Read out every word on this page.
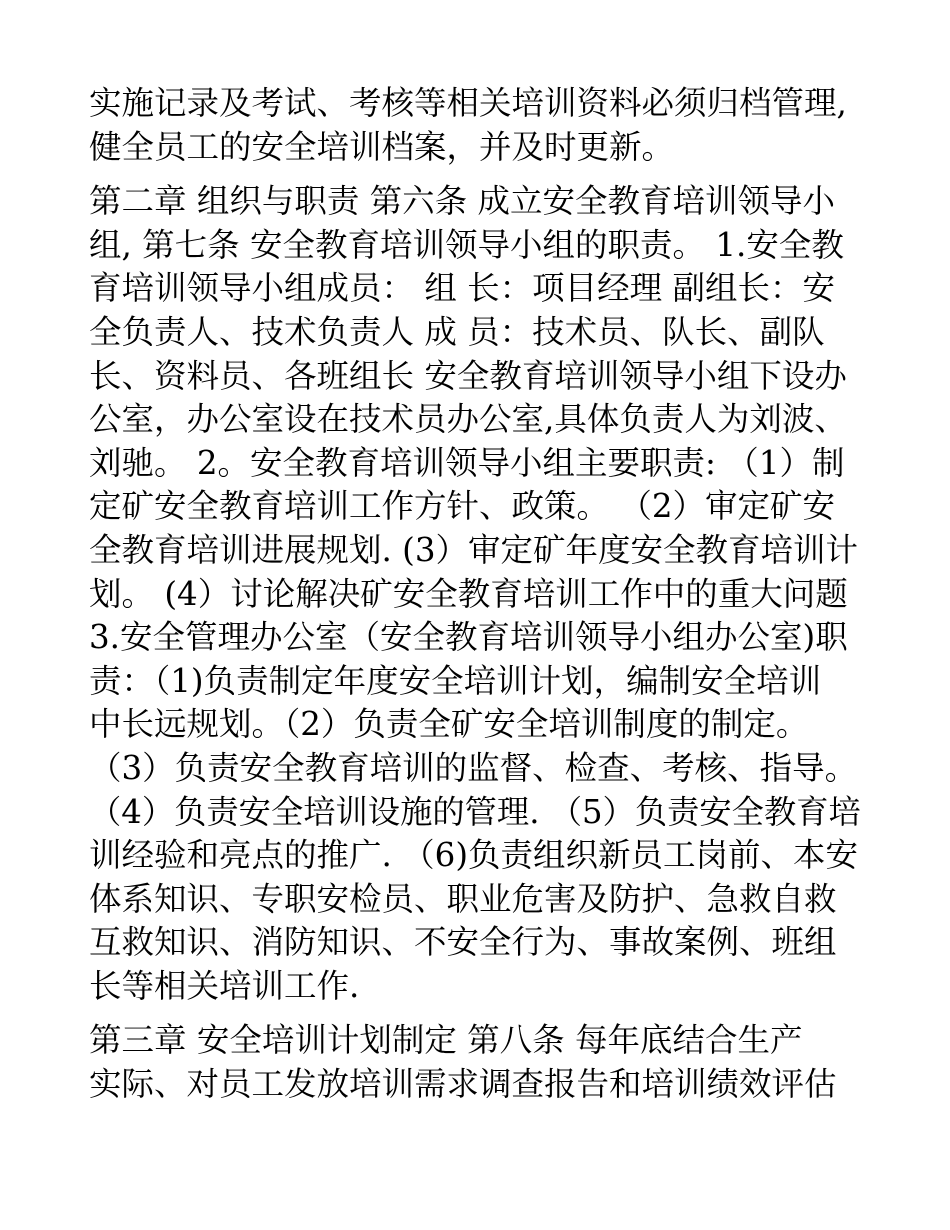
实施记录及考试、考核等相关培训资料必须归档管理,
健全员工的安全培训档案，并及时更新。
第二章 组织与职责 第六条 成立安全教育培训领导小
组, 第七条 安全教育培训领导小组的职责。 1.安全教
育培训领导小组成员： 组 长：项目经理 副组长：安
全负责人、技术负责人 成 员：技术员、队长、副队
长、资料员、各班组长 安全教育培训领导小组下设办
公室，办公室设在技术员办公室,具体负责人为刘波、
刘驰。 2。安全教育培训领导小组主要职责: （1）制
定矿安全教育培训工作方针、政策。 （2）审定矿安
全教育培训进展规划. (3）审定矿年度安全教育培训计
划。 (4）讨论解决矿安全教育培训工作中的重大问题
3.安全管理办公室（安全教育培训领导小组办公室)职
责：（1)负责制定年度安全培训计划，编制安全培训
中长远规划。（2）负责全矿安全培训制度的制定。
（3）负责安全教育培训的监督、检查、考核、指导。
（4）负责安全培训设施的管理. （5）负责安全教育培
训经验和亮点的推广. （6)负责组织新员工岗前、本安
体系知识、专职安检员、职业危害及防护、急救自救
互救知识、消防知识、不安全行为、事故案例、班组
长等相关培训工作.
第三章 安全培训计划制定 第八条 每年底结合生产
实际、对员工发放培训需求调查报告和培训绩效评估
